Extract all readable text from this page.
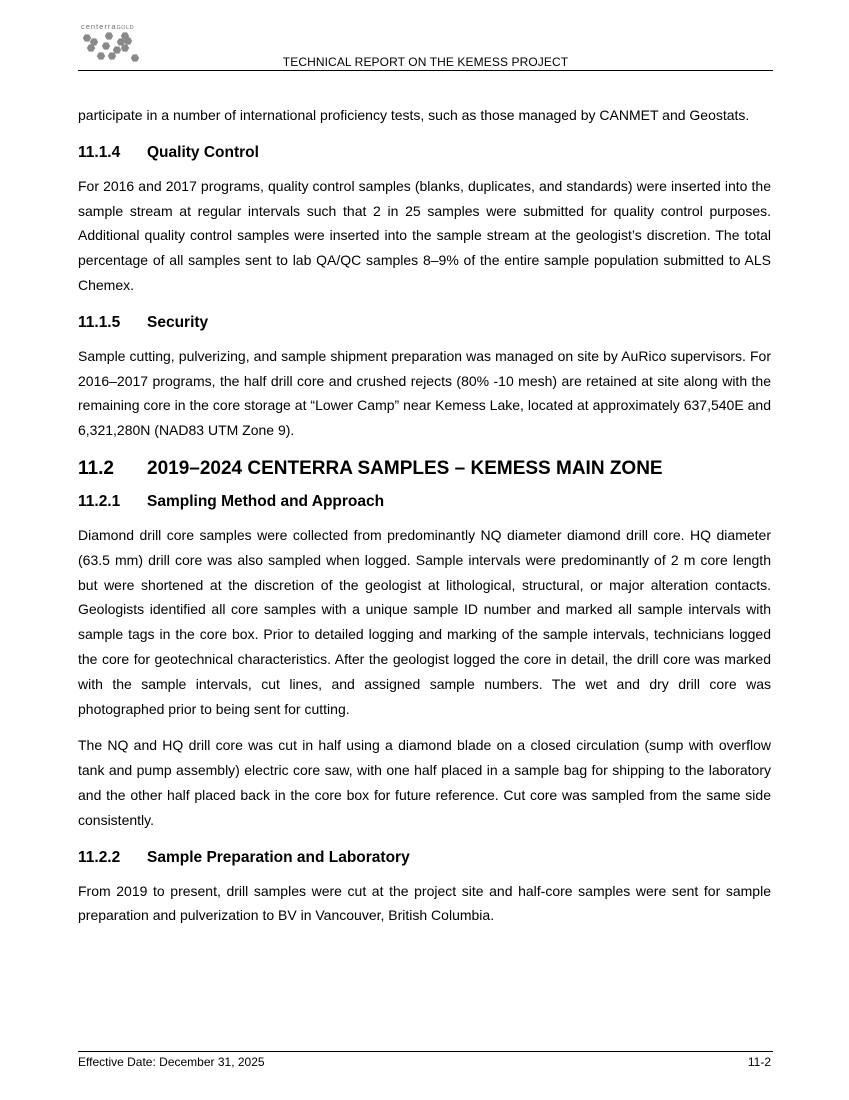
centerraGOLD
TECHNICAL REPORT ON THE KEMESS PROJECT

participate in a number of international proficiency tests, such as those managed by CANMET and Geostats.

11.1.4 Quality Control

For 2016 and 2017 programs, quality control samples (blanks, duplicates, and standards) were inserted into the sample stream at regular intervals such that 2 in 25 samples were submitted for quality control purposes. Additional quality control samples were inserted into the sample stream at the geologist’s discretion. The total percentage of all samples sent to lab QA/QC samples 8–9% of the entire sample population submitted to ALS Chemex.

11.1.5 Security

Sample cutting, pulverizing, and sample shipment preparation was managed on site by AuRico supervisors. For 2016–2017 programs, the half drill core and crushed rejects (80% -10 mesh) are retained at site along with the remaining core in the core storage at “Lower Camp” near Kemess Lake, located at approximately 637,540E and 6,321,280N (NAD83 UTM Zone 9).

11.2 2019–2024 CENTERRA SAMPLES – KEMESS MAIN ZONE
11.2.1 Sampling Method and Approach

Diamond drill core samples were collected from predominantly NQ diameter diamond drill core. HQ diameter (63.5 mm) drill core was also sampled when logged. Sample intervals were predominantly of 2 m core length but were shortened at the discretion of the geologist at lithological, structural, or major alteration contacts. Geologists identified all core samples with a unique sample ID number and marked all sample intervals with sample tags in the core box. Prior to detailed logging and marking of the sample intervals, technicians logged the core for geotechnical characteristics. After the geologist logged the core in detail, the drill core was marked with the sample intervals, cut lines, and assigned sample numbers. The wet and dry drill core was photographed prior to being sent for cutting.

The NQ and HQ drill core was cut in half using a diamond blade on a closed circulation (sump with overflow tank and pump assembly) electric core saw, with one half placed in a sample bag for shipping to the laboratory and the other half placed back in the core box for future reference. Cut core was sampled from the same side consistently.

11.2.2 Sample Preparation and Laboratory

From 2019 to present, drill samples were cut at the project site and half-core samples were sent for sample preparation and pulverization to BV in Vancouver, British Columbia.

Effective Date: December 31, 2025	11-2
